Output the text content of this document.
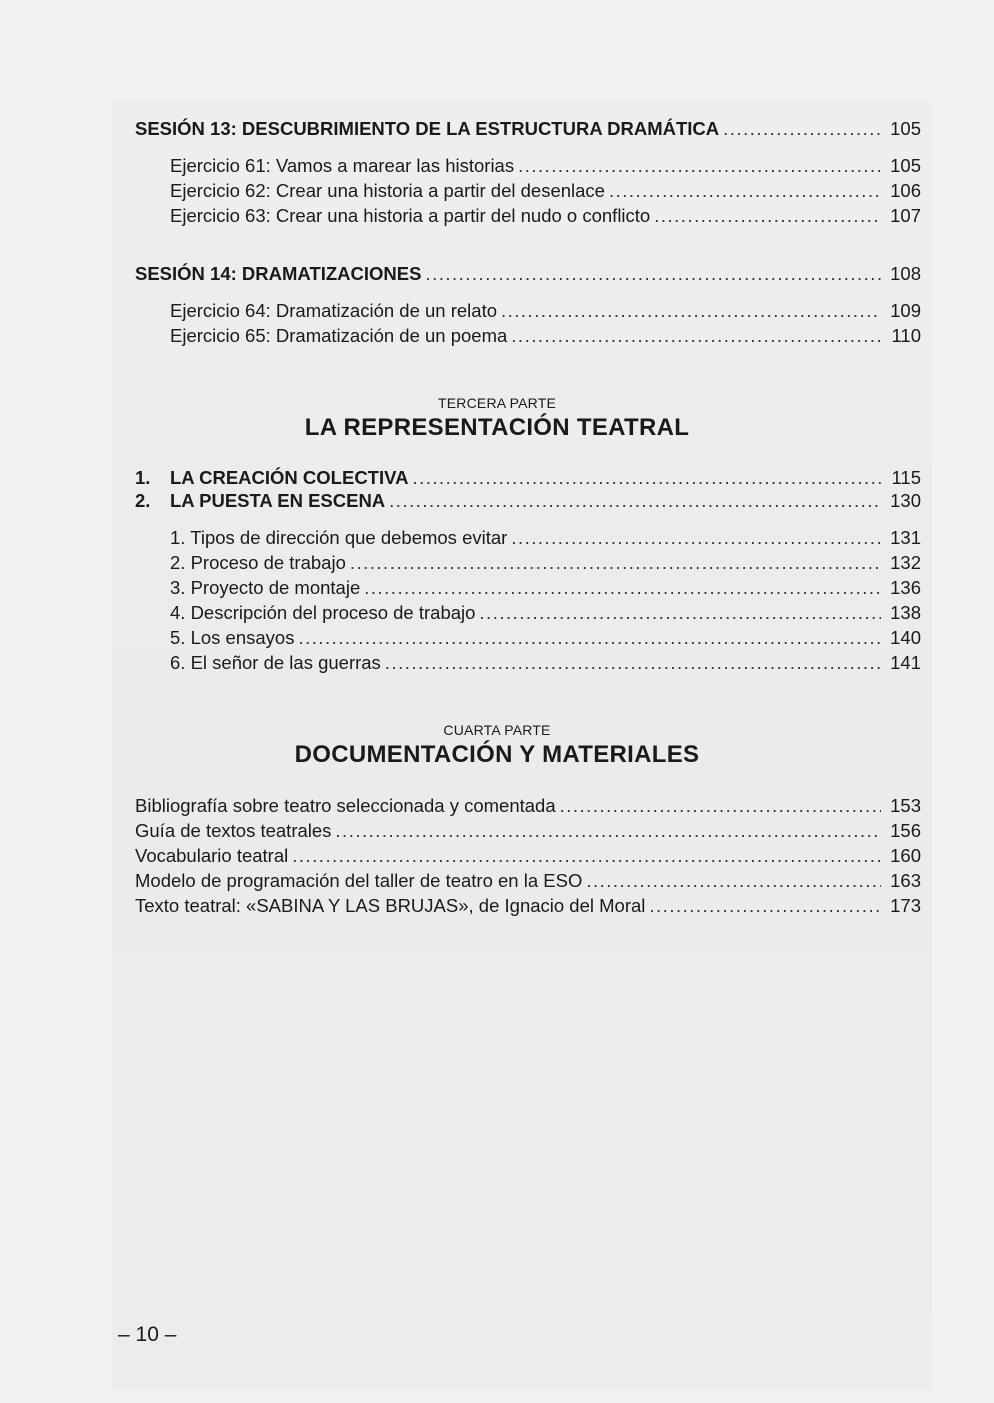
SESIÓN 13: DESCUBRIMIENTO DE LA ESTRUCTURA DRAMÁTICA .....	105
Ejercicio 61: Vamos a marear las historias .....	105
Ejercicio 62: Crear una historia a partir del desenlace .....	106
Ejercicio 63: Crear una historia a partir del nudo o conflicto .....	107
SESIÓN 14: DRAMATIZACIONES .....	108
Ejercicio 64: Dramatización de un relato .....	109
Ejercicio 65: Dramatización de un poema .....	110
TERCERA PARTE
LA REPRESENTACIÓN TEATRAL
1.	LA CREACIÓN COLECTIVA .....	115
2.	LA PUESTA EN ESCENA .....	130
1. Tipos de dirección que debemos evitar .....	131
2. Proceso de trabajo .....	132
3. Proyecto de montaje .....	136
4. Descripción del proceso de trabajo .....	138
5. Los ensayos .....	140
6. El señor de las guerras .....	141
CUARTA PARTE
DOCUMENTACIÓN Y MATERIALES
Bibliografía sobre teatro seleccionada y comentada .....	153
Guía de textos teatrales .....	156
Vocabulario teatral .....	160
Modelo de programación del taller de teatro en la ESO .....	163
Texto teatral: «SABINA Y LAS BRUJAS», de Ignacio del Moral .....	173
– 10 –
